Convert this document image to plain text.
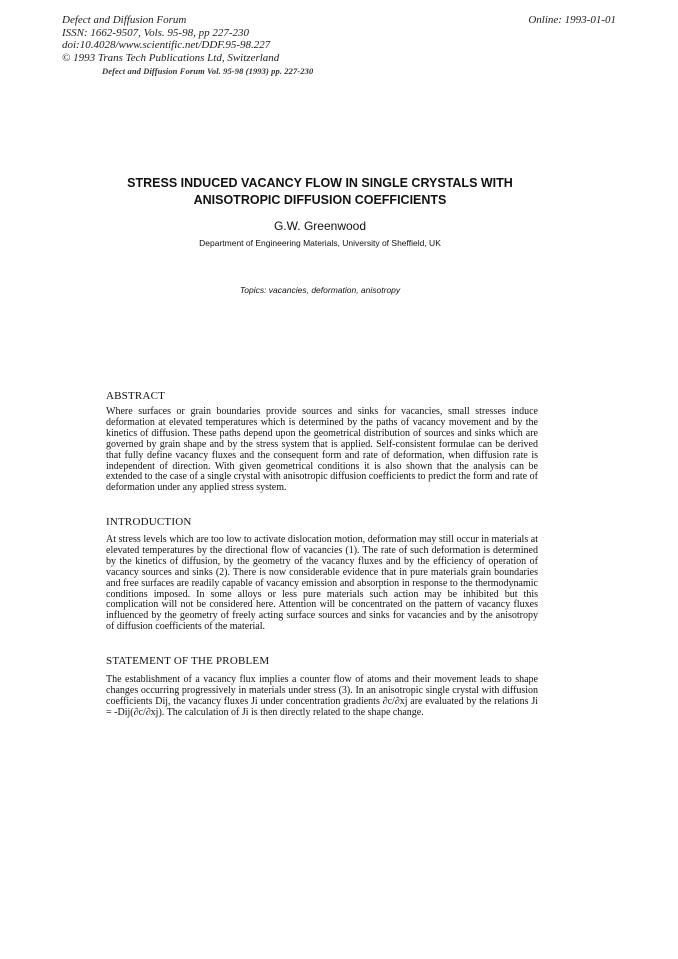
Defect and Diffusion Forum
ISSN: 1662-9507, Vols. 95-98, pp 227-230
doi:10.4028/www.scientific.net/DDF.95-98.227
© 1993 Trans Tech Publications Ltd, Switzerland
Online: 1993-01-01
Defect and Diffusion Forum Vol. 95-98 (1993) pp. 227-230
STRESS INDUCED VACANCY FLOW IN SINGLE CRYSTALS WITH
ANISOTROPIC DIFFUSION COEFFICIENTS
G.W. Greenwood
Department of Engineering Materials, University of Sheffield, UK
Topics: vacancies, deformation, anisotropy
ABSTRACT

Where surfaces or grain boundaries provide sources and sinks for vacancies, small stresses induce deformation at elevated temperatures which is determined by the paths of vacancy movement and by the kinetics of diffusion. These paths depend upon the geometrical distribution of sources and sinks which are governed by grain shape and by the stress system that is applied. Self-consistent formulae can be derived that fully define vacancy fluxes and the consequent form and rate of deformation, when diffusion rate is independent of direction. With given geometrical conditions it is also shown that the analysis can be extended to the case of a single crystal with anisotropic diffusion coefficients to predict the form and rate of deformation under any applied stress system.

INTRODUCTION

At stress levels which are too low to activate dislocation motion, deformation may still occur in materials at elevated temperatures by the directional flow of vacancies (1). The rate of such deformation is determined by the kinetics of diffusion, by the geometry of the vacancy fluxes and by the efficiency of operation of vacancy sources and sinks (2). There is now considerable evidence that in pure materials grain boundaries and free surfaces are readily capable of vacancy emission and absorption in response to the thermodynamic conditions imposed. In some alloys or less pure materials such action may be inhibited but this complication will not be considered here. Attention will be concentrated on the pattern of vacancy fluxes influenced by the geometry of freely acting surface sources and sinks for vacancies and by the anisotropy of diffusion coefficients of the material.

STATEMENT OF THE PROBLEM

The establishment of a vacancy flux implies a counter flow of atoms and their movement leads to shape changes occurring progressively in materials under stress (3). In an anisotropic single crystal with diffusion coefficients Dij, the vacancy fluxes Ji under concentration gradients ∂c/∂xj are evaluated by the relations Ji = -Dij(∂c/∂xj). The calculation of Ji is then directly related to the shape change.
